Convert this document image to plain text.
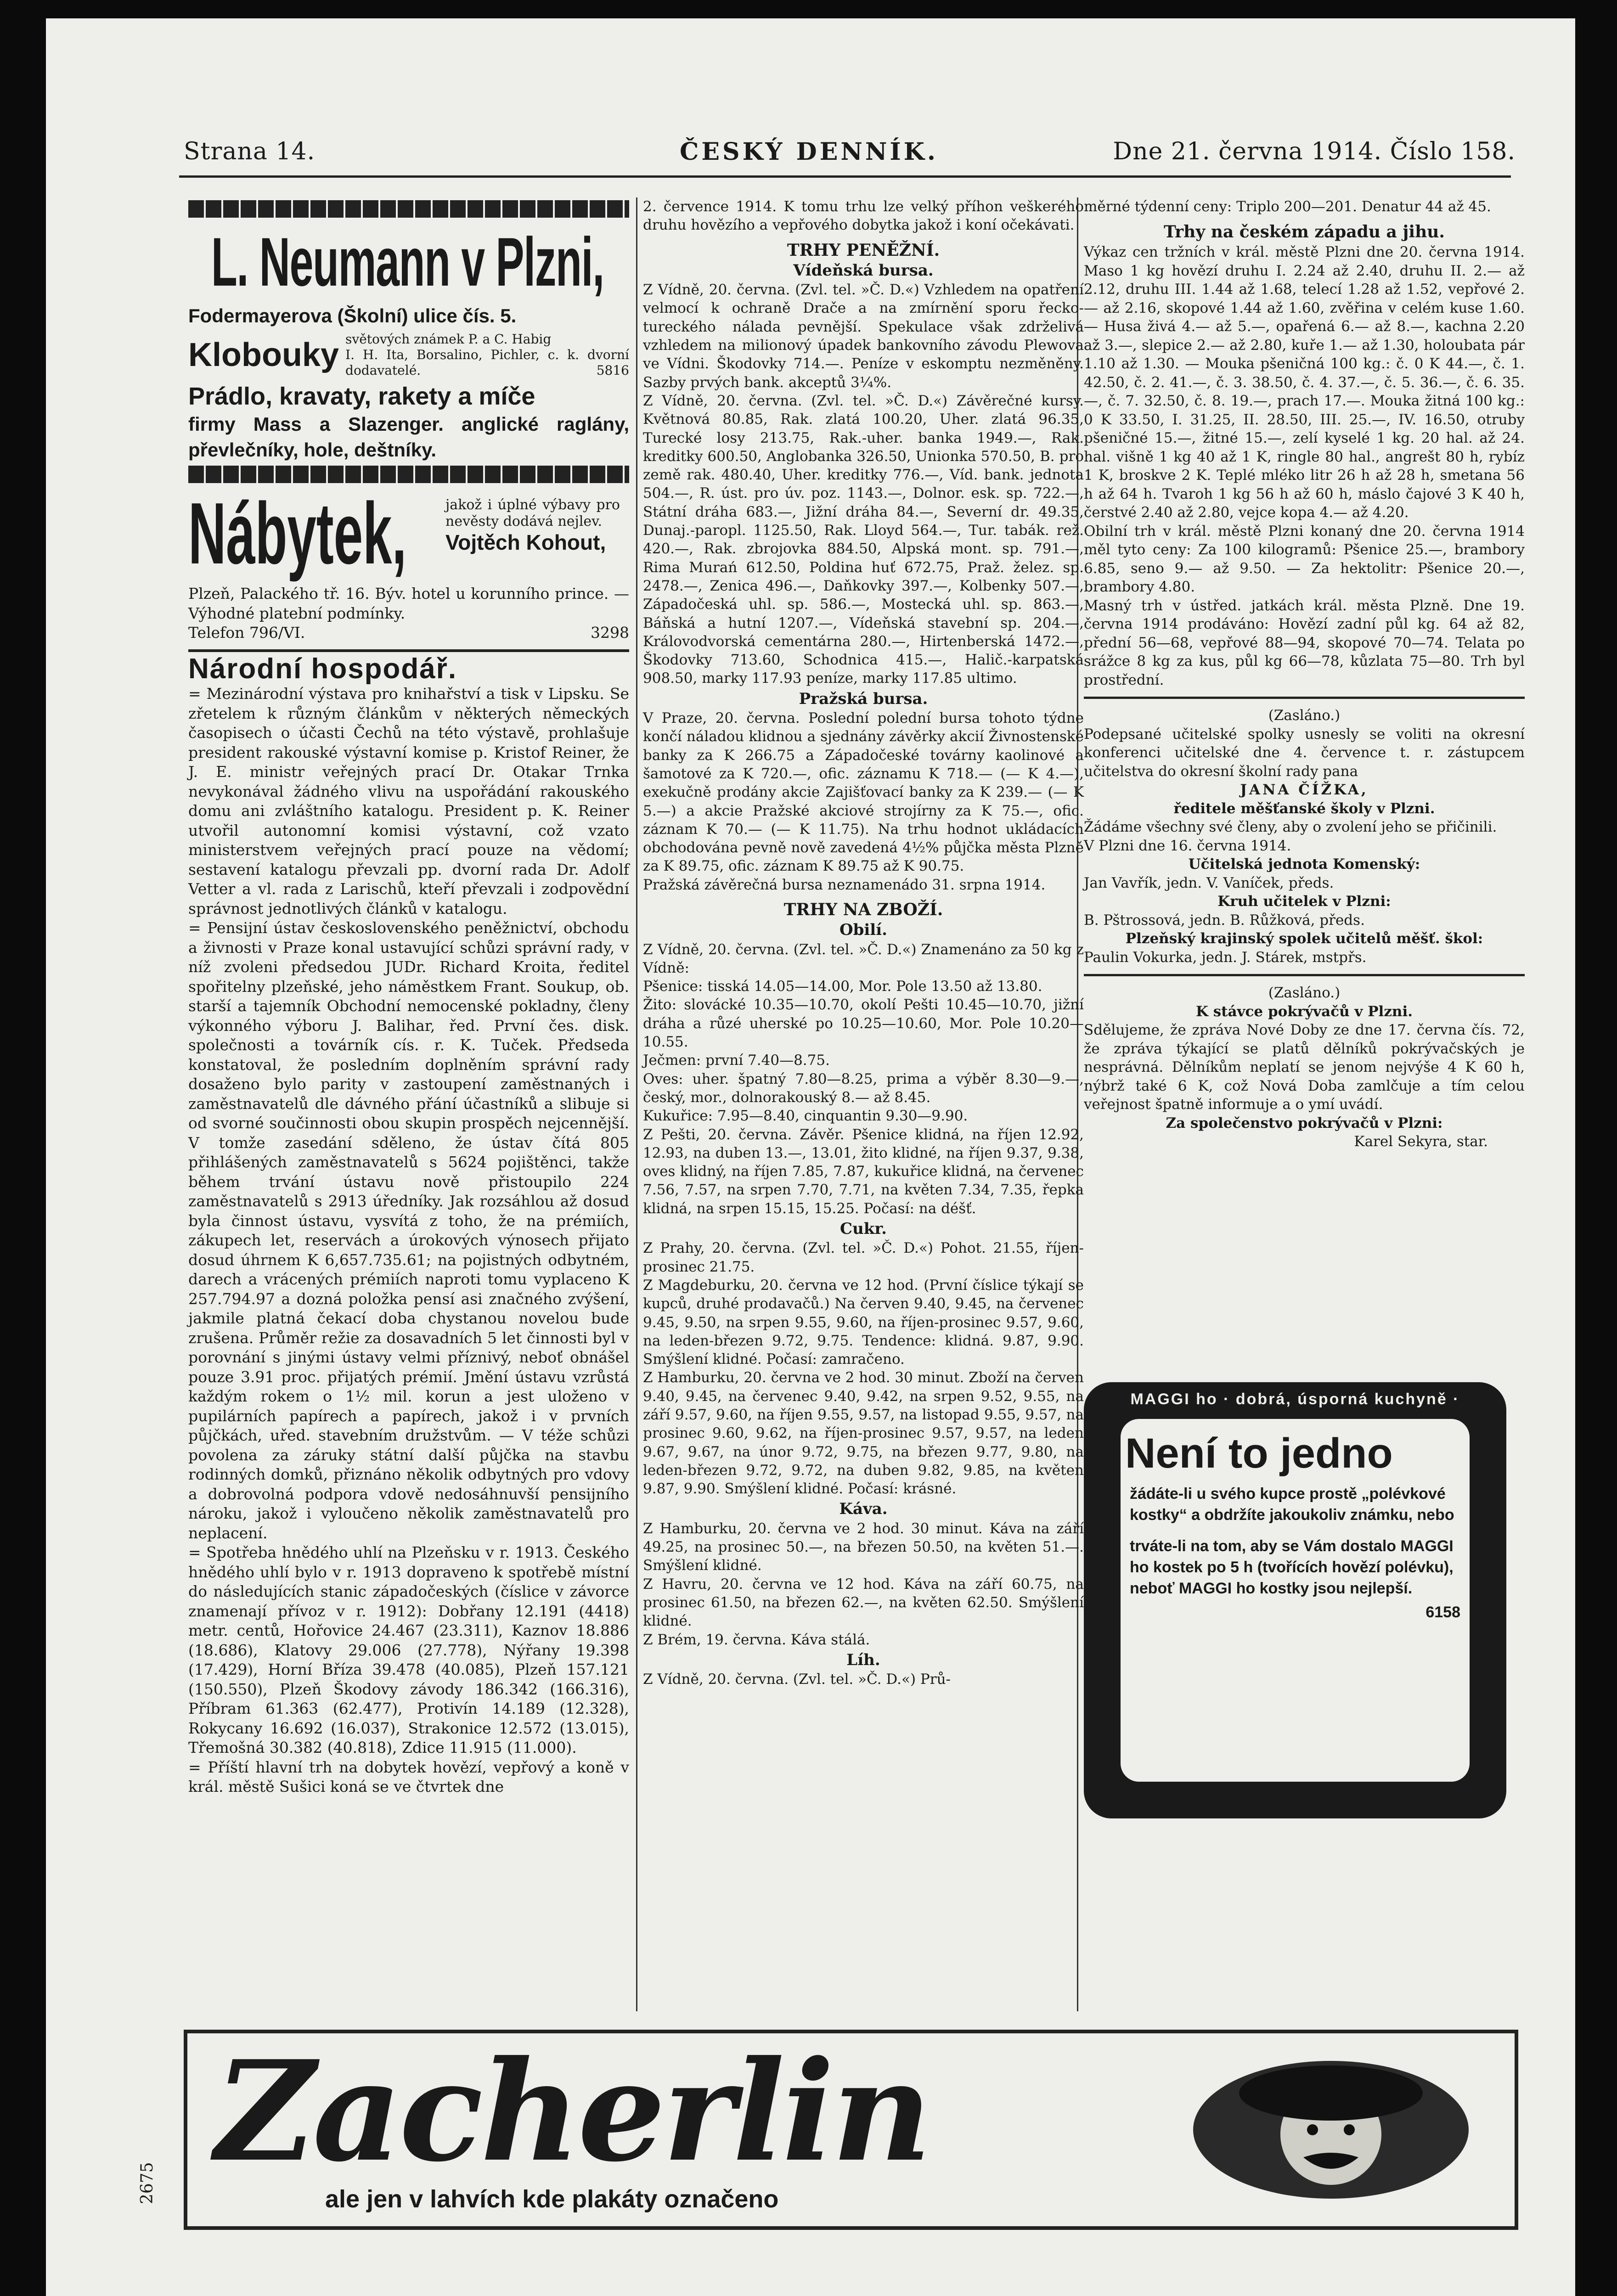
Strana 14.	ČESKÝ DENNÍK.	Dne 21. června 1914. Číslo 158.
L. Neumann v Plzni,
Fodermayerova (Školní) ulice čís. 5.
Klobouky světových známek P. a C. Habig
I. H. Ita, Borsalino, Pichler, c. k. dvorní dodavatelé.	5816
Prádlo, kravaty, rakety a míče
firmy Mass a Slazenger. anglické raglány, převlečníky, hole, deštníky.
Nábytek,	jakož i úplné výbavy pro nevěsty dodává nejlev.
Vojtěch Kohout,

Plzeň, Palackého tř. 16. Býv. hotel u korunního prince. — Výhodné platební podmínky.

Telefon 796/VI.	3298

Národní hospodář.

= Mezinárodní výstava pro knihařství a tisk v Lipsku. Se zřetelem k různým článkům v některých německých časopisech o účasti Čechů na této výstavě, prohlašuje president rakouské výstavní komise p. Kristof Reiner, že J. E. ministr veřejných prací Dr. Otakar Trnka nevykonával žádného vlivu na uspořádání rakouského domu ani zvláštního katalogu. President p. K. Reiner utvořil autonomní komisi výstavní, což vzato ministerstvem veřejných prací pouze na vědomí; sestavení katalogu převzali pp. dvorní rada Dr. Adolf Vetter a vl. rada z Larischů, kteří převzali i zodpovědní správnost jednotlivých článků v katalogu.

= Pensijní ústav československého peněžnictví, obchodu a živnosti v Praze konal ustavující schůzi správní rady, v níž zvoleni předsedou JUDr. Richard Kroita, ředitel spořitelny plzeňské, jeho náměstkem Frant. Soukup, ob. starší a tajemník Obchodní nemocenské pokladny, členy výkonného výboru J. Balihar, řed. První čes. disk. společnosti a továrník cís. r. K. Tuček. Předseda konstatoval, že posledním doplněním správní rady dosaženo bylo parity v zastoupení zaměstnaných i zaměstnavatelů dle dávného přání účastníků a slibuje si od svorné součinnosti obou skupin prospěch nejcennější. V tomže zasedání sděleno, že ústav čítá 805 přihlášených zaměstnavatelů s 5624 pojištěnci, takže během trvání ústavu nově přistoupilo 224 zaměstnavatelů s 2913 úředníky. Jak rozsáhlou až dosud byla činnost ústavu, vysvítá z toho, že na prémiích, zákupech let, reservách a úrokových výnosech přijato dosud úhrnem K 6,657.735.61; na pojistných odbytném, darech a vrácených prémiích naproti tomu vyplaceno K 257.794.97 a dozná položka pensí asi značného zvýšení, jakmile platná čekací doba chystanou novelou bude zrušena. Průměr režie za dosavadních 5 let činnosti byl v porovnání s jinými ústavy velmi příznivý, neboť obnášel pouze 3.91 proc. přijatých prémií. Jmění ústavu vzrůstá každým rokem o 1½ mil. korun a jest uloženo v pupilárních papírech a papírech, jakož i v prvních půjčkách, uřed. stavebním družstvům. — V téže schůzi povolena za záruky státní další půjčka na stavbu rodinných domků, přiznáno několik odbytných pro vdovy a dobrovolná podpora vdově nedosáhnuvší pensijního nároku, jakož i vyloučeno několik zaměstnavatelů pro neplacení.

= Spotřeba hnědého uhlí na Plzeňsku v r. 1913. Českého hnědého uhlí bylo v r. 1913 dopraveno k spotřebě místní do následujících stanic západočeských (číslice v závorce znamenají přívoz v r. 1912): Dobřany 12.191 (4418) metr. centů, Hořovice 24.467 (23.311), Kaznov 18.886 (18.686), Klatovy 29.006 (27.778), Nýřany 19.398 (17.429), Horní Bříza 39.478 (40.085), Plzeň 157.121 (150.550), Plzeň Škodovy závody 186.342 (166.316), Příbram 61.363 (62.477), Protivín 14.189 (12.328), Rokycany 16.692 (16.037), Strakonice 12.572 (13.015), Třemošná 30.382 (40.818), Zdice 11.915 (11.000).

= Příští hlavní trh na dobytek hovězí, vepřový a koně v král. městě Sušici koná se ve čtvrtek dne

2. července 1914. K tomu trhu lze velký příhon veškerého druhu hovězího a vepřového dobytka jakož i koní očekávati.

TRHY PENĚŽNÍ.
Vídeňská bursa.

Z Vídně, 20. června. (Zvl. tel. »Č. D.«) Vzhledem na opatření velmocí k ochraně Drače a na zmírnění sporu řecko-tureckého nálada pevnější. Spekulace však zdrželivá vzhledem na milionový úpadek bankovního závodu Plewova ve Vídni. Škodovky 714.—. Peníze v eskomptu nezměněny. Sazby prvých bank. akceptů 3¼%.

Z Vídně, 20. června. (Zvl. tel. »Č. D.«) Závěrečné kursy. Květnová 80.85, Rak. zlatá 100.20, Uher. zlatá 96.35, Turecké losy 213.75, Rak.-uher. banka 1949.—, Rak. kreditky 600.50, Anglobanka 326.50, Unionka 570.50, B. pro země rak. 480.40, Uher. kreditky 776.—, Víd. bank. jednota 504.—, R. úst. pro úv. poz. 1143.—, Dolnor. esk. sp. 722.—, Státní dráha 683.—, Jižní dráha 84.—, Severní dr. 49.35, Dunaj.-paropl. 1125.50, Rak. Lloyd 564.—, Tur. tabák. rež. 420.—, Rak. zbrojovka 884.50, Alpská mont. sp. 791.—, Rima Murań 612.50, Poldina huť 672.75, Praž. želez. sp. 2478.—, Zenica 496.—, Daňkovky 397.—, Kolbenky 507.—, Západočeská uhl. sp. 586.—, Mostecká uhl. sp. 863.—, Báňská a hutní 1207.—, Vídeňská stavební sp. 204.—, Královodvorská cementárna 280.—, Hirtenberská 1472.—, Škodovky 713.60, Schodnica 415.—, Halič.-karpatská 908.50, marky 117.93 peníze, marky 117.85 ultimo.

Pražská bursa.

V Praze, 20. června. Poslední polední bursa tohoto týdne končí náladou klidnou a sjednány závěrky akcií Živnostenské banky za K 266.75 a Západočeské továrny kaolinové a šamotové za K 720.—, ofic. záznamu K 718.— (— K 4.—), exekučně prodány akcie Zajišťovací banky za K 239.— (— K 5.—) a akcie Pražské akciové strojírny za K 75.—, ofic. záznam K 70.— (— K 11.75). Na trhu hodnot ukládacích obchodována pevně nově zavedená 4½% půjčka města Plzně za K 89.75, ofic. záznam K 89.75 až K 90.75.

Pražská závěrečná bursa neznamenádo 31. srpna 1914.

TRHY NA ZBOŽÍ.
Obilí.

Z Vídně, 20. června. (Zvl. tel. »Č. D.«) Znamenáno za 50 kg z Vídně:

Pšenice: tisská 14.05—14.00, Mor. Pole 13.50 až 13.80.

Žito: slovácké 10.35—10.70, okolí Pešti 10.45—10.70, jižní dráha a růzé uherské po 10.25—10.60, Mor. Pole 10.20—10.55.

Ječmen: první 7.40—8.75.

Oves: uher. špatný 7.80—8.25, prima a výběr 8.30—9.—, český, mor., dolnorakouský 8.— až 8.45.

Kukuřice: 7.95—8.40, cinquantin 9.30—9.90.

Z Pešti, 20. června. Závěr. Pšenice klidná, na říjen 12.92, 12.93, na duben 13.—, 13.01, žito klidné, na říjen 9.37, 9.38, oves klidný, na říjen 7.85, 7.87, kukuřice klidná, na červenec 7.56, 7.57, na srpen 7.70, 7.71, na květen 7.34, 7.35, řepka klidná, na srpen 15.15, 15.25. Počasí: na déšť.

Cukr.

Z Prahy, 20. června. (Zvl. tel. »Č. D.«) Pohot. 21.55, říjen-prosinec 21.75.

Z Magdeburku, 20. června ve 12 hod. (První číslice týkají se kupců, druhé prodavačů.) Na červen 9.40, 9.45, na červenec 9.45, 9.50, na srpen 9.55, 9.60, na říjen-prosinec 9.57, 9.60, na leden-březen 9.72, 9.75. Tendence: klidná. 9.87, 9.90. Smýšlení klidné. Počasí: zamračeno.

Z Hamburku, 20. června ve 2 hod. 30 minut. Zboží na červen 9.40, 9.45, na červenec 9.40, 9.42, na srpen 9.52, 9.55, na září 9.57, 9.60, na říjen 9.55, 9.57, na listopad 9.55, 9.57, na prosinec 9.60, 9.62, na říjen-prosinec 9.57, 9.57, na leden 9.67, 9.67, na únor 9.72, 9.75, na březen 9.77, 9.80, na leden-březen 9.72, 9.72, na duben 9.82, 9.85, na květen 9.87, 9.90. Smýšlení klidné. Počasí: krásné.

Káva.

Z Hamburku, 20. června ve 2 hod. 30 minut. Káva na září 49.25, na prosinec 50.—, na březen 50.50, na květen 51.—. Smýšlení klidné.

Z Havru, 20. června ve 12 hod. Káva na září 60.75, na prosinec 61.50, na březen 62.—, na květen 62.50. Smýšlení klidné.

Z Brém, 19. června. Káva stálá.

Líh.

Z Vídně, 20. června. (Zvl. tel. »Č. D.«) Prů-

měrné týdenní ceny: Triplo 200—201. Denatur 44 až 45.

Trhy na českém západu a jihu.

Výkaz cen tržních v král. městě Plzni dne 20. června 1914. Maso 1 kg hovězí druhu I. 2.24 až 2.40, druhu II. 2.— až 2.12, druhu III. 1.44 až 1.68, telecí 1.28 až 1.52, vepřové 2.— až 2.16, skopové 1.44 až 1.60, zvěřina v celém kuse 1.60. — Husa živá 4.— až 5.—, opařená 6.— až 8.—, kachna 2.20 až 3.—, slepice 2.— až 2.80, kuře 1.— až 1.30, holoubata pár 1.10 až 1.30. — Mouka pšeničná 100 kg.: č. 0 K 44.—, č. 1. 42.50, č. 2. 41.—, č. 3. 38.50, č. 4. 37.—, č. 5. 36.—, č. 6. 35.—, č. 7. 32.50, č. 8. 19.—, prach 17.—. Mouka žitná 100 kg.: 0 K 33.50, I. 31.25, II. 28.50, III. 25.—, IV. 16.50, otruby pšeničné 15.—, žitné 15.—, zelí kyselé 1 kg. 20 hal. až 24. hal. višně 1 kg 40 až 1 K, ringle 80 hal., angrešt 80 h, rybíz 1 K, broskve 2 K. Teplé mléko litr 26 h až 28 h, smetana 56 h až 64 h. Tvaroh 1 kg 56 h až 60 h, máslo čajové 3 K 40 h, čerstvé 2.40 až 2.80, vejce kopa 4.— až 4.20.

Obilní trh v král. městě Plzni konaný dne 20. června 1914 měl tyto ceny: Za 100 kilogramů: Pšenice 25.—, brambory 6.85, seno 9.— až 9.50. — Za hektolitr: Pšenice 20.—, brambory 4.80.

Masný trh v ústřed. jatkách král. města Plzně. Dne 19. června 1914 prodáváno: Hovězí zadní půl kg. 64 až 82, přední 56—68, vepřové 88—94, skopové 70—74. Telata po srážce 8 kg za kus, půl kg 66—78, kůzlata 75—80. Trh byl prostřední.

(Zasláno.)

Podepsané učitelské spolky usnesly se voliti na okresní konferenci učitelské dne 4. července t. r. zástupcem učitelstva do okresní školní rady pana

JANA ČÍŽKA,

ředitele měšťanské školy v Plzni.

Žádáme všechny své členy, aby o zvolení jeho se přičinili.

V Plzni dne 16. června 1914.

Učitelská jednota Komenský:

Jan Vavřík, jedn. V. Vaníček, předs.

Kruh učitelek v Plzni:

B. Pštrossová, jedn. B. Růžková, předs.

Plzeňský krajinský spolek učitelů měšť. škol:

Paulin Vokurka, jedn. J. Stárek, mstpřs.

(Zasláno.)

K stávce pokrývačů v Plzni.

Sdělujeme, že zpráva Nové Doby ze dne 17. června čís. 72, že zpráva týkající se platů dělníků pokrývačských je nesprávná. Dělníkům neplatí se jenom nejvýše 4 K 60 h, nýbrž také 6 K, což Nová Doba zamlčuje a tím celou veřejnost špatně informuje a o ymí uvádí.

Za společenstvo pokrývačů v Plzni:

Karel Sekyra, star.

MAGGI ho · dobrá, úsporná kuchyně ·
Není to jedno
žádáte-li u svého kupce prostě „polévkové kostky“ a obdržíte jakoukoliv známku, nebo
trváte-li na tom, aby se Vám dostalo MAGGI ho kostek po 5 h (tvořících hovězí polévku), neboť MAGGI ho kostky jsou nejlepší.
6158
Zacherlin
ale jen v lahvích kde plakáty označeno
2675
